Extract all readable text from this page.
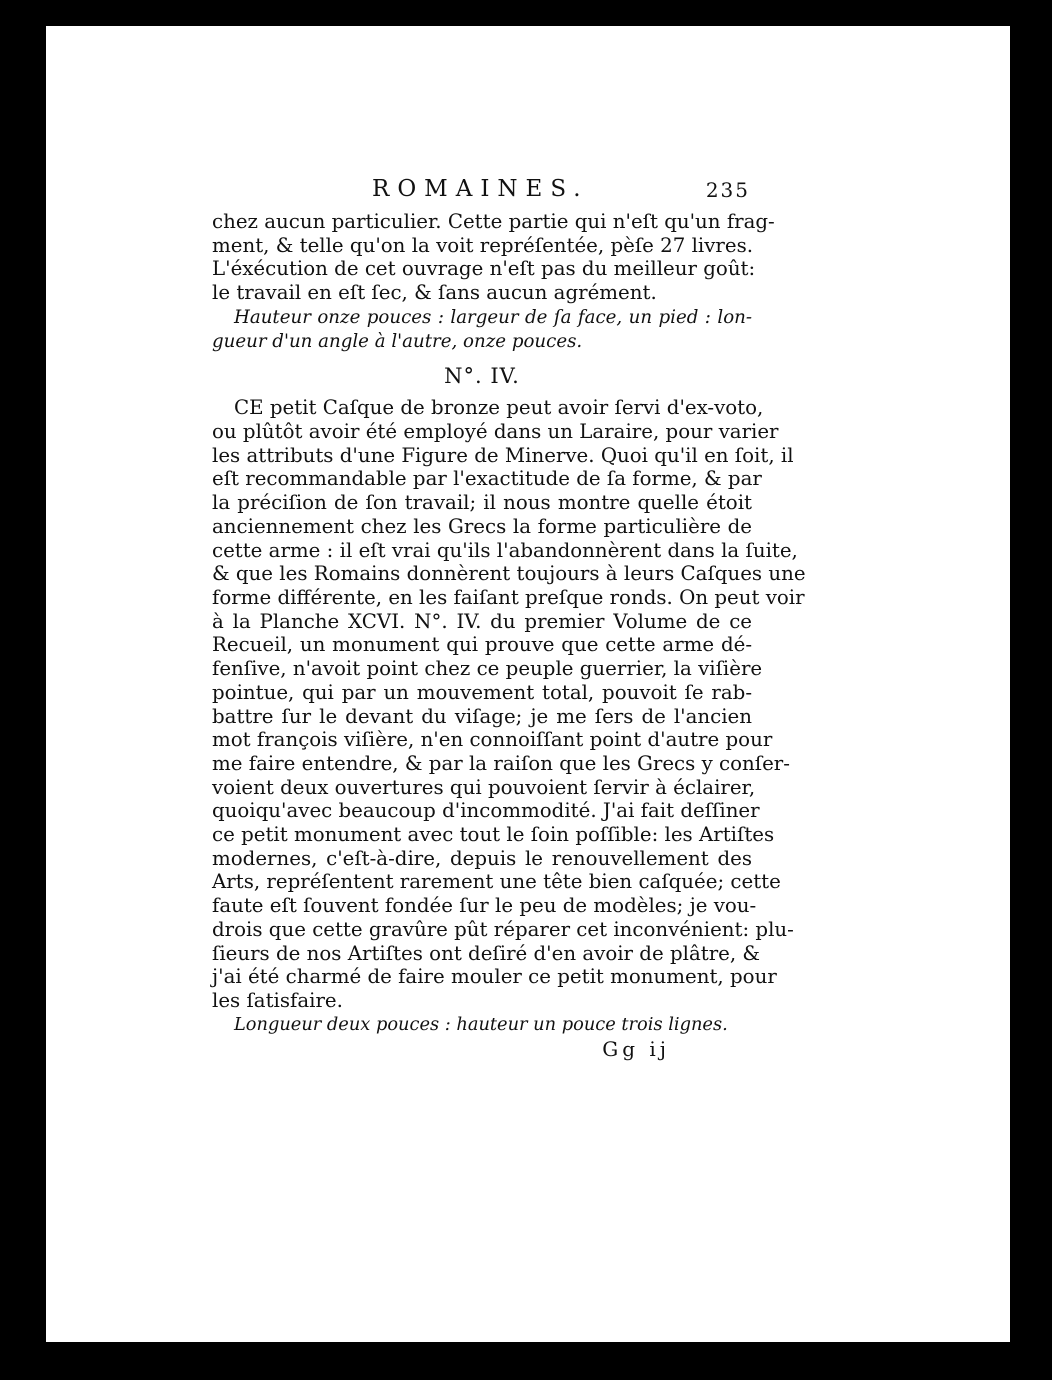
ROMAINES.	235
chez aucun particulier. Cette partie qui n'eſt qu'un frag-
ment, & telle qu'on la voit repréſentée, pèſe 27 livres.
L'éxécution de cet ouvrage n'eſt pas du meilleur goût:
le travail en eſt ſec, & ſans aucun agrément.
Hauteur onze pouces : largeur de ſa face, un pied : lon-
gueur d'un angle à l'autre, onze pouces.
N°. IV.
CE petit Caſque de bronze peut avoir ſervi d'ex-voto,
ou plûtôt avoir été employé dans un Laraire, pour varier
les attributs d'une Figure de Minerve. Quoi qu'il en ſoit, il
eſt recommandable par l'exactitude de ſa forme, & par
la préciſion de ſon travail; il nous montre quelle étoit
anciennement chez les Grecs la forme particulière de
cette arme : il eſt vrai qu'ils l'abandonnèrent dans la ſuite,
& que les Romains donnèrent toujours à leurs Caſques une
forme différente, en les faiſant preſque ronds. On peut voir
à la Planche XCVI. N°. IV. du premier Volume de ce
Recueil, un monument qui prouve que cette arme dé-
fenſive, n'avoit point chez ce peuple guerrier, la viſière
pointue, qui par un mouvement total, pouvoit ſe rab-
battre ſur le devant du viſage; je me ſers de l'ancien
mot françois viſière, n'en connoiſſant point d'autre pour
me faire entendre, & par la raiſon que les Grecs y conſer-
voient deux ouvertures qui pouvoient ſervir à éclairer,
quoiqu'avec beaucoup d'incommodité. J'ai fait deſſiner
ce petit monument avec tout le ſoin poſſible: les Artiſtes
modernes, c'eſt-à-dire, depuis le renouvellement des
Arts, repréſentent rarement une tête bien caſquée; cette
faute eſt ſouvent fondée ſur le peu de modèles; je vou-
drois que cette gravûre pût réparer cet inconvénient: plu-
ſieurs de nos Artiſtes ont deſiré d'en avoir de plâtre, &
j'ai été charmé de faire mouler ce petit monument, pour
les ſatisfaire.
Longueur deux pouces : hauteur un pouce trois lignes.
Gg ij
